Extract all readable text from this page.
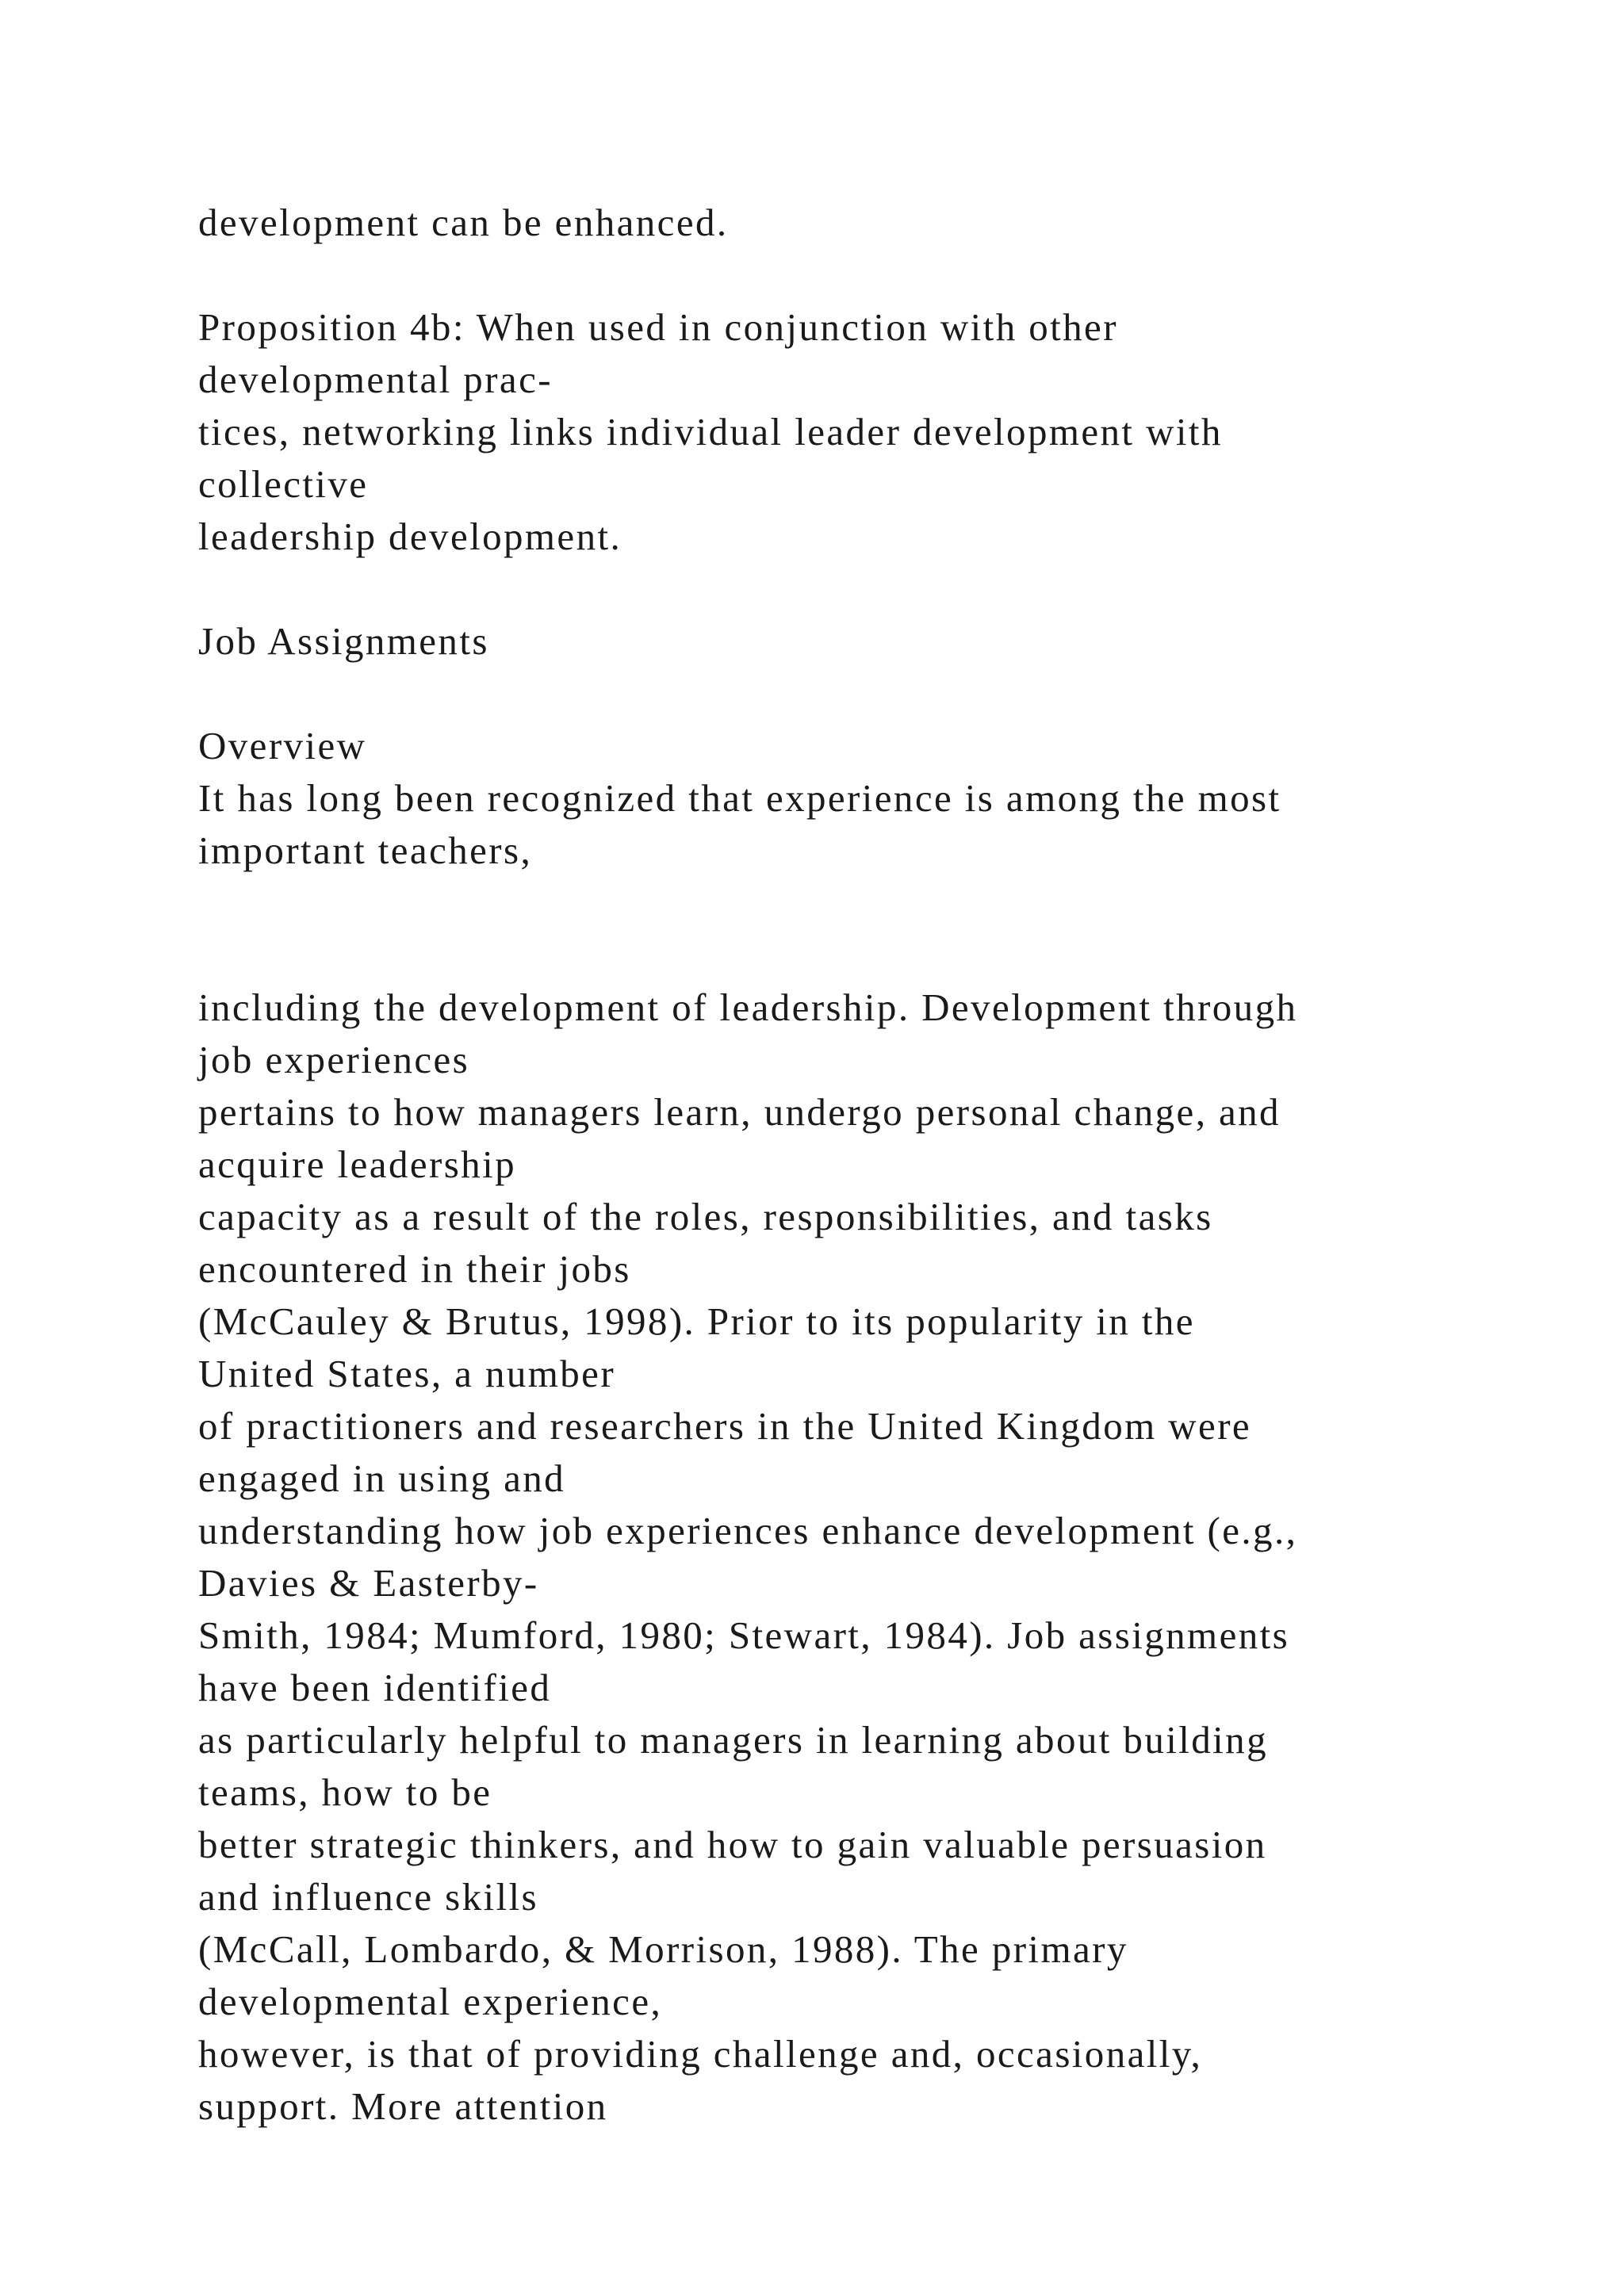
development can be enhanced.
Proposition 4b: When used in conjunction with other
developmental prac-
tices, networking links individual leader development with
collective
leadership development.
Job Assignments
Overview
It has long been recognized that experience is among the most
important teachers,
including the development of leadership. Development through
job experiences
pertains to how managers learn, undergo personal change, and
acquire leadership
capacity as a result of the roles, responsibilities, and tasks
encountered in their jobs
(McCauley & Brutus, 1998). Prior to its popularity in the
United States, a number
of practitioners and researchers in the United Kingdom were
engaged in using and
understanding how job experiences enhance development (e.g.,
Davies & Easterby-
Smith, 1984; Mumford, 1980; Stewart, 1984). Job assignments
have been identified
as particularly helpful to managers in learning about building
teams, how to be
better strategic thinkers, and how to gain valuable persuasion
and influence skills
(McCall, Lombardo, & Morrison, 1988). The primary
developmental experience,
however, is that of providing challenge and, occasionally,
support. More attention
